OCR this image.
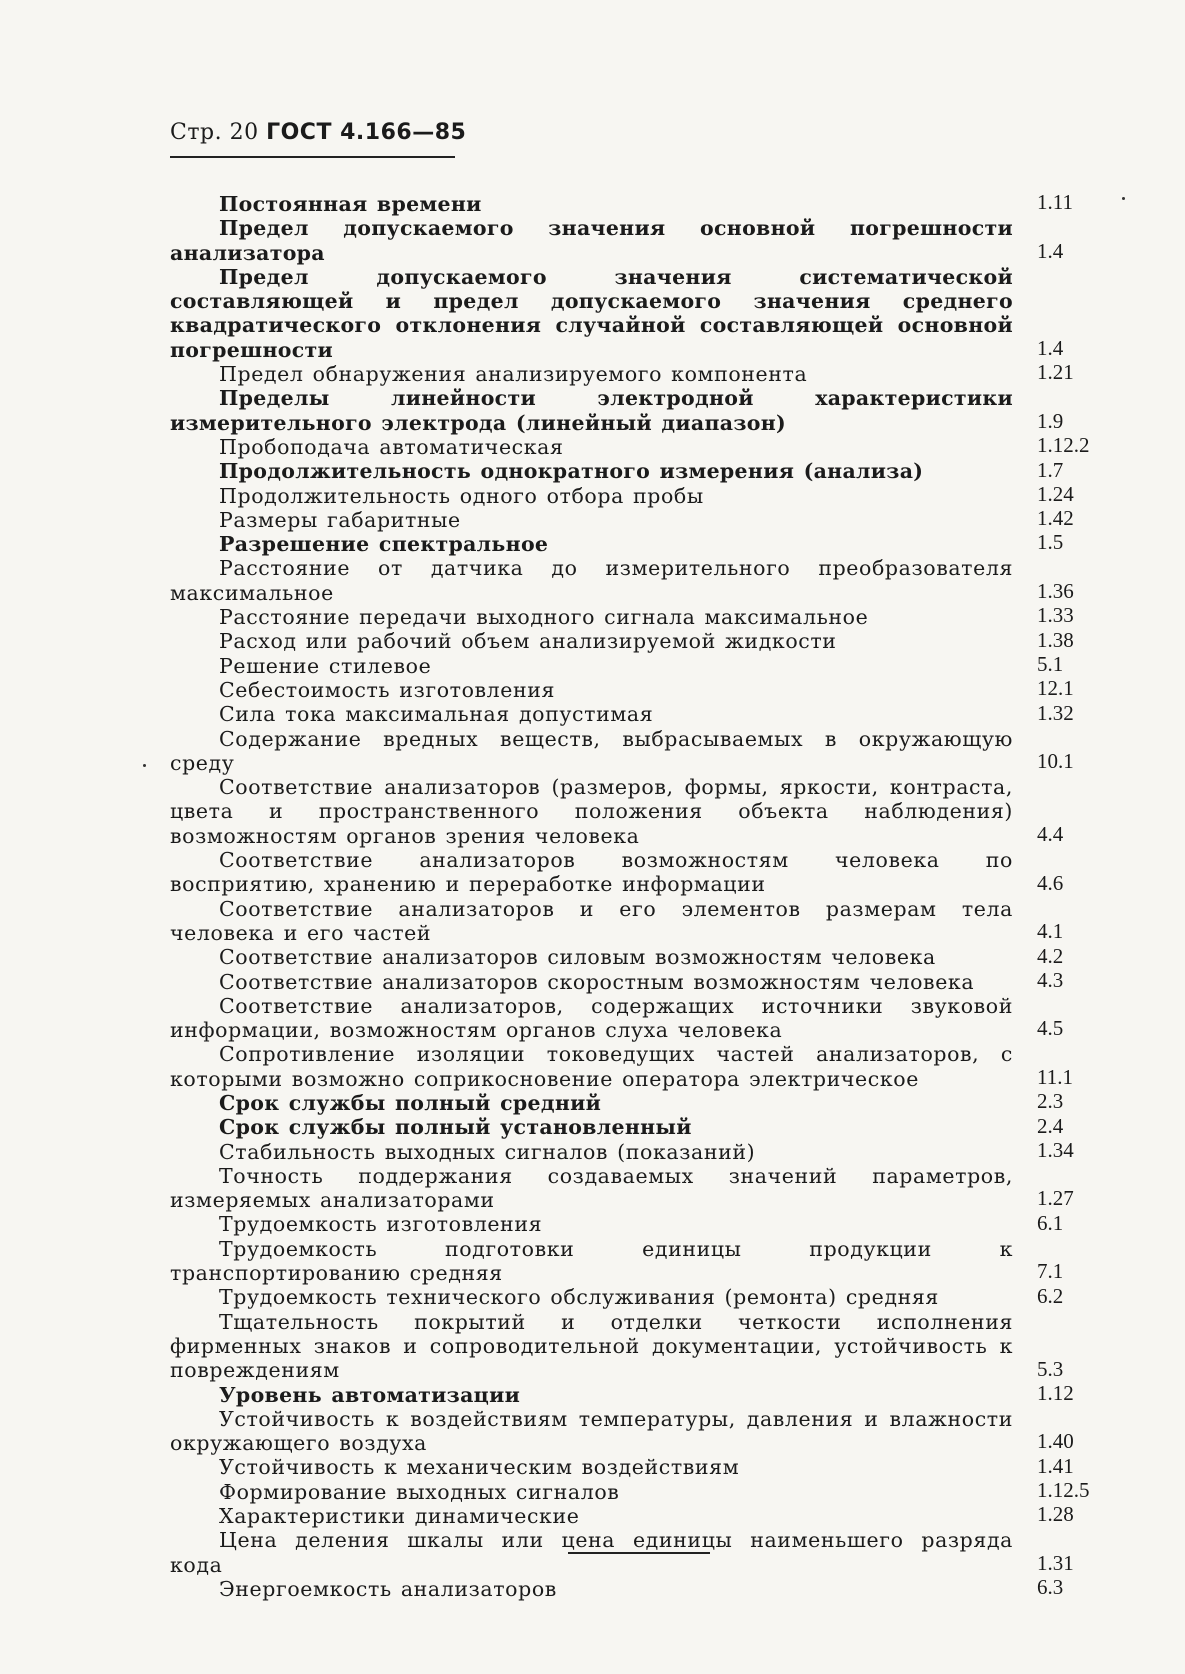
Стр. 20 ГОСТ 4.166—85
Постоянная времени	1.11
Предел допускаемого значения основной погрешности анализатора	1.4
Предел допускаемого значения систематической составляющей и предел допускаемого значения среднего квадратического отклонения случайной составляющей основной погрешности	1.4
Предел обнаружения анализируемого компонента	1.21
Пределы линейности электродной характеристики измерительного электрода (линейный диапазон)	1.9
Пробоподача автоматическая	1.12.2
Продолжительность однократного измерения (анализа)	1.7
Продолжительность одного отбора пробы	1.24
Размеры габаритные	1.42
Разрешение спектральное	1.5
Расстояние от датчика до измерительного преобразователя максимальное	1.36
Расстояние передачи выходного сигнала максимальное	1.33
Расход или рабочий объем анализируемой жидкости	1.38
Решение стилевое	5.1
Себестоимость изготовления	12.1
Сила тока максимальная допустимая	1.32
Содержание вредных веществ, выбрасываемых в окружающую среду	10.1
Соответствие анализаторов (размеров, формы, яркости, контраста, цвета и пространственного положения объекта наблюдения) возможностям органов зрения человека	4.4
Соответствие анализаторов возможностям человека по восприятию, хранению и переработке информации	4.6
Соответствие анализаторов и его элементов размерам тела человека и его частей	4.1
Соответствие анализаторов силовым возможностям человека	4.2
Соответствие анализаторов скоростным возможностям человека	4.3
Соответствие анализаторов, содержащих источники звуковой информации, возможностям органов слуха человека	4.5
Сопротивление изоляции токоведущих частей анализаторов, с которыми возможно соприкосновение оператора электрическое	11.1
Срок службы полный средний	2.3
Срок службы полный установленный	2.4
Стабильность выходных сигналов (показаний)	1.34
Точность поддержания создаваемых значений параметров, измеряемых анализаторами	1.27
Трудоемкость изготовления	6.1
Трудоемкость подготовки единицы продукции к транспортированию средняя	7.1
Трудоемкость технического обслуживания (ремонта) средняя	6.2
Тщательность покрытий и отделки четкости исполнения фирменных знаков и сопроводительной документации, устойчивость к повреждениям	5.3
Уровень автоматизации	1.12
Устойчивость к воздействиям температуры, давления и влажности окружающего воздуха	1.40
Устойчивость к механическим воздействиям	1.41
Формирование выходных сигналов	1.12.5
Характеристики динамические	1.28
Цена деления шкалы или цена единицы наименьшего разряда кода	1.31
Энергоемкость анализаторов	6.3
